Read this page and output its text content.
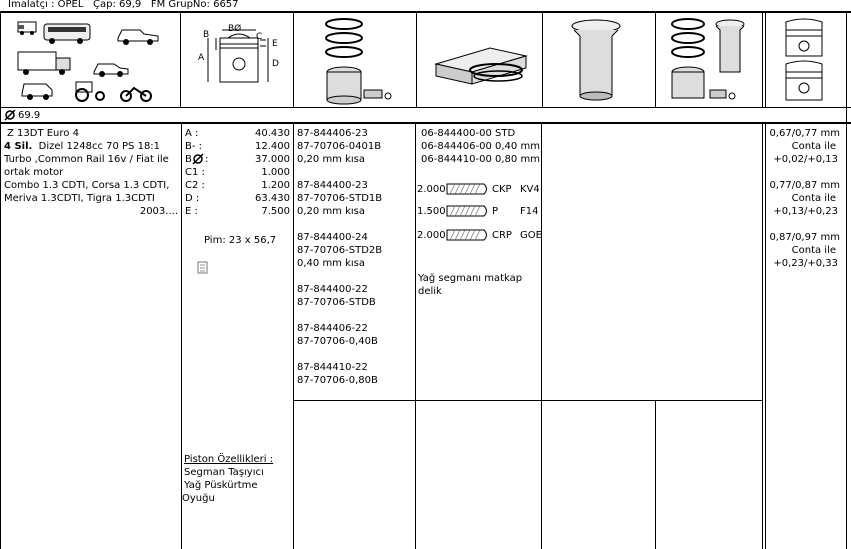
İmalatçı : OPEL Çap: 69,9 FM GrupNo: 6657
BØ
B	C
A
D
E
69.9
Z 13DT Euro 4
4 Sil. Dizel 1248cc 70 PS 18:1
Turbo ,Common Rail 16v / Fiat ile
ortak motor
Combo 1.3 CDTI, Corsa 1.3 CDTI,
Meriva 1.3CDTI, Tigra 1.3CDTI
2003....
A :	40.430
B- :	12.400
B	37.000
C1 :	1.000
C2 :	1.200
D :	63.430
E :	7.500
:
Pim: 23 x 56,7
Piston Özellikleri :
Segman Taşıyıcı
Yağ Püskürtme
Oyuğu
87-844406-23
87-70706-0401B
0,20 mm kısa
87-844400-23
87-70706-STD1B
0,20 mm kısa
87-844400-24
87-70706-STD2B
0,40 mm kısa
87-844400-22
87-70706-STDB
87-844406-22
87-70706-0,40B
87-844410-22
87-70706-0,80B
06-844400-00 STD
06-844406-00 0,40 mm
06-844410-00 0,80 mm
2.000	CKP KV4
1.500	P F14
2.000	CRP GOE
Yağ segmanı matkap
delik
0,67/0,77 mm
Conta ile
+0,02/+0,13
0,77/0,87 mm
Conta ile
+0,13/+0,23
0,87/0,97 mm
Conta ile
+0,23/+0,33
